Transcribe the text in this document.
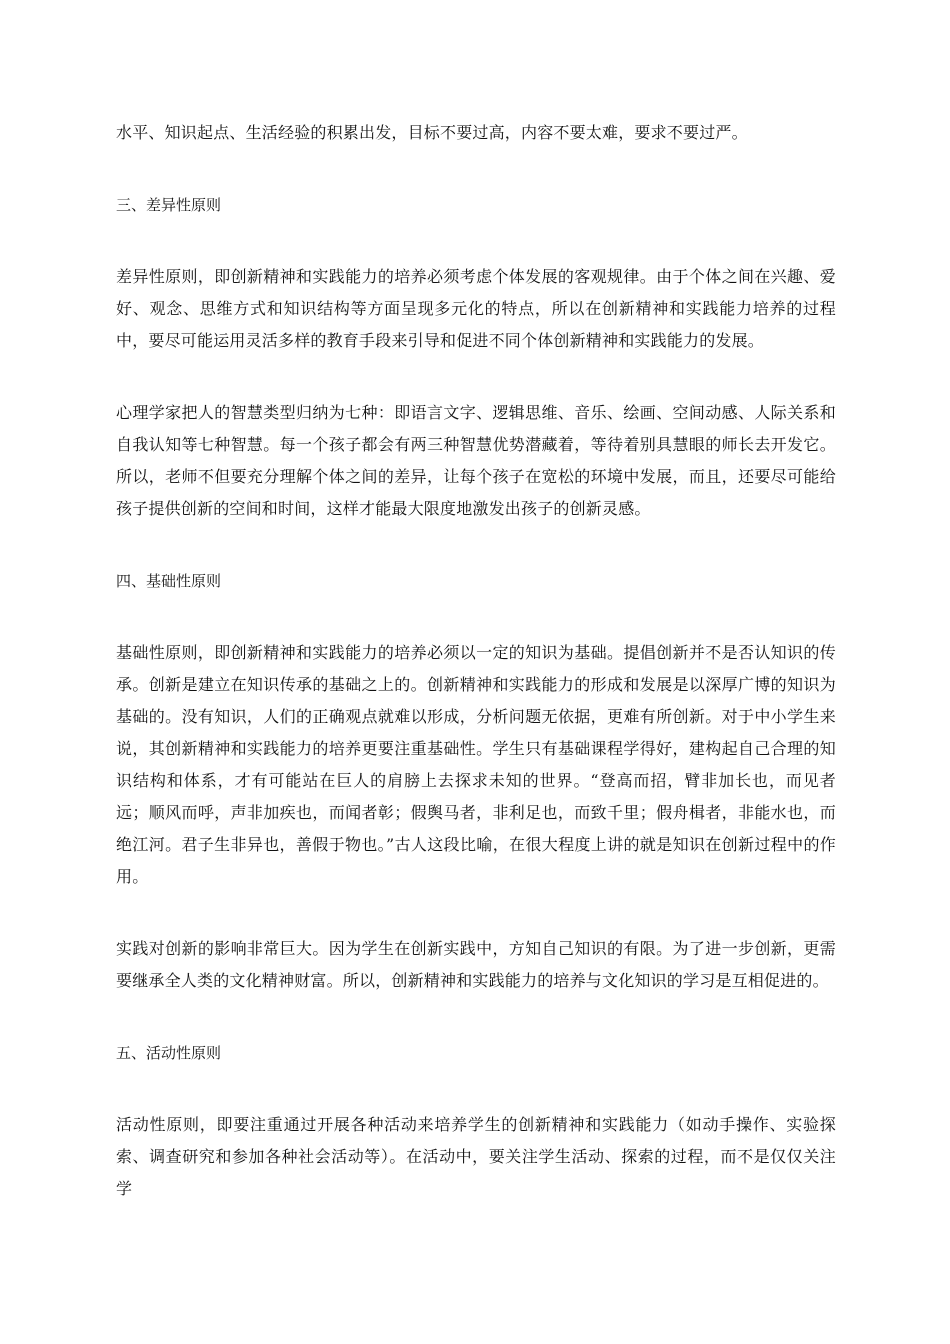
水平、知识起点、生活经验的积累出发，目标不要过高，内容不要太难，要求不要过严。

三、差异性原则

差异性原则，即创新精神和实践能力的培养必须考虑个体发展的客观规律。由于个体之间在兴趣、爱好、观念、思维方式和知识结构等方面呈现多元化的特点，所以在创新精神和实践能力培养的过程中，要尽可能运用灵活多样的教育手段来引导和促进不同个体创新精神和实践能力的发展。

心理学家把人的智慧类型归纳为七种：即语言文字、逻辑思维、音乐、绘画、空间动感、人际关系和自我认知等七种智慧。每一个孩子都会有两三种智慧优势潜藏着，等待着别具慧眼的师长去开发它。所以，老师不但要充分理解个体之间的差异，让每个孩子在宽松的环境中发展，而且，还要尽可能给孩子提供创新的空间和时间，这样才能最大限度地激发出孩子的创新灵感。

四、基础性原则

基础性原则，即创新精神和实践能力的培养必须以一定的知识为基础。提倡创新并不是否认知识的传承。创新是建立在知识传承的基础之上的。创新精神和实践能力的形成和发展是以深厚广博的知识为基础的。没有知识，人们的正确观点就难以形成，分析问题无依据，更难有所创新。对于中小学生来说，其创新精神和实践能力的培养更要注重基础性。学生只有基础课程学得好，建构起自己合理的知识结构和体系，才有可能站在巨人的肩膀上去探求未知的世界。“登高而招，臂非加长也，而见者远；顺风而呼，声非加疾也，而闻者彰；假舆马者，非利足也，而致千里；假舟楫者，非能水也，而绝江河。君子生非异也，善假于物也。”古人这段比喻，在很大程度上讲的就是知识在创新过程中的作用。

实践对创新的影响非常巨大。因为学生在创新实践中，方知自己知识的有限。为了进一步创新，更需要继承全人类的文化精神财富。所以，创新精神和实践能力的培养与文化知识的学习是互相促进的。

五、活动性原则

活动性原则，即要注重通过开展各种活动来培养学生的创新精神和实践能力（如动手操作、实验探索、调查研究和参加各种社会活动等）。在活动中，要关注学生活动、探索的过程，而不是仅仅关注学
